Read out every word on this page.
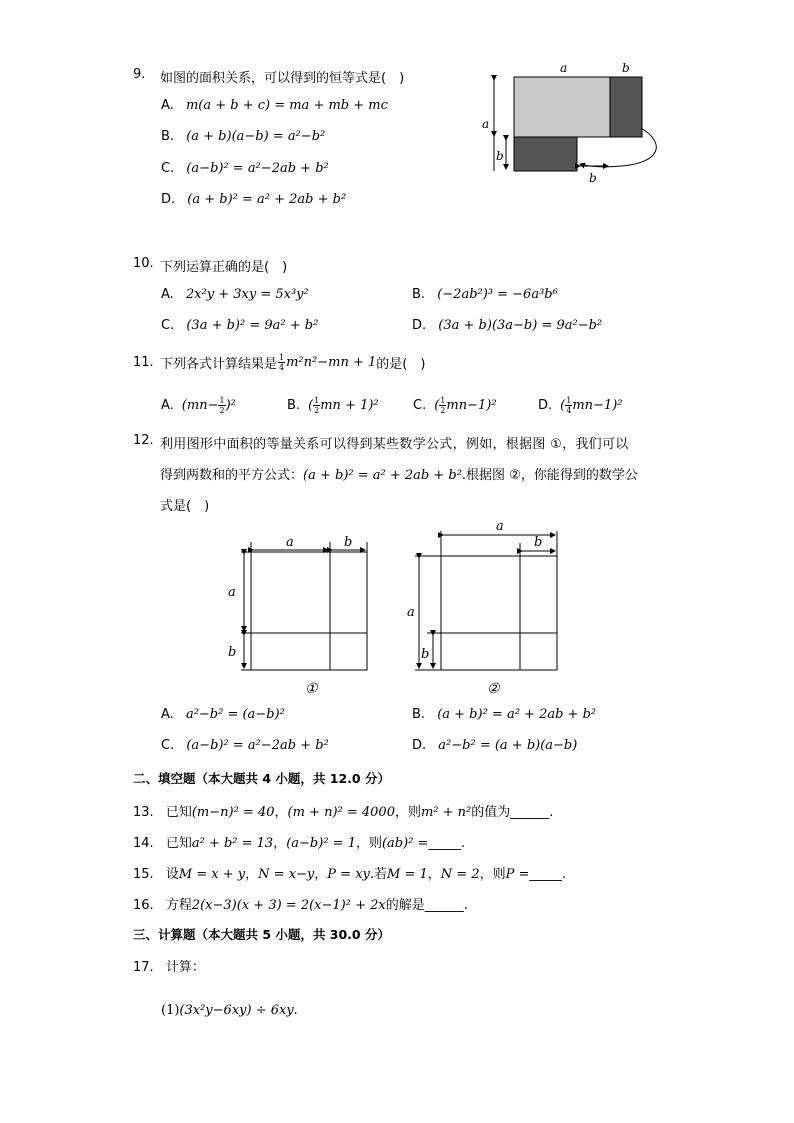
9. 如图的面积关系，可以得到的恒等式是(　)
A. m(a + b + c) = ma + mb + mc
B. (a + b)(a−b) = a²−b²
C. (a−b)² = a²−2ab + b²
D. (a + b)² = a² + 2ab + b²
a	b
a
b
b
10. 下列运算正确的是(　)
A. 2x²y + 3xy = 5x³y²	B. (−2ab²)³ = −6a³b⁶
C. (3a + b)² = 9a² + b²	D. (3a + b)(3a−b) = 9a²−b²
11. 下列各式计算结果是 $\frac{1}{4} m^2n^2-mn + 1$ 的是(　)
A. $(mn- \frac{1}{2} )^2$	B. ( $\frac{1}{2}$ mn + 1)²	C. ( $\frac{1}{2} mn-1)^2$	D. ( $\frac{1}{4} mn-1)^2$
12. 利用图形中面积的等量关系可以得到某些数学公式，例如，根据图 ①，我们可以
得到两数和的平方公式：(a + b)² = a² + 2ab + b².根据图 ②，你能得到的数学公
式是(　)
a	b
a
b
①
a
b
a
b
②
A. a²−b² = (a−b)²	B. (a + b)² = a² + 2ab + b²
C. (a−b)² = a²−2ab + b²	D. a²−b² = (a + b)(a−b)
二、填空题（本大题共 4 小题，共 12.0 分）
13. 已知(m−n)² = 40，(m + n)² = 4000，则m² + n²的值为______.
14. 已知a² + b² = 13，(a−b)² = 1，则(ab)² =_____.
15. 设M = x + y，N = x−y，P = xy.若M = 1，N = 2，则P =_____.
16. 方程2(x−3)(x + 3) = 2(x−1)² + 2x的解是______.
三、计算题（本大题共 5 小题，共 30.0 分）
17. 计算：
(1)(3x²y−6xy) ÷ 6xy.
